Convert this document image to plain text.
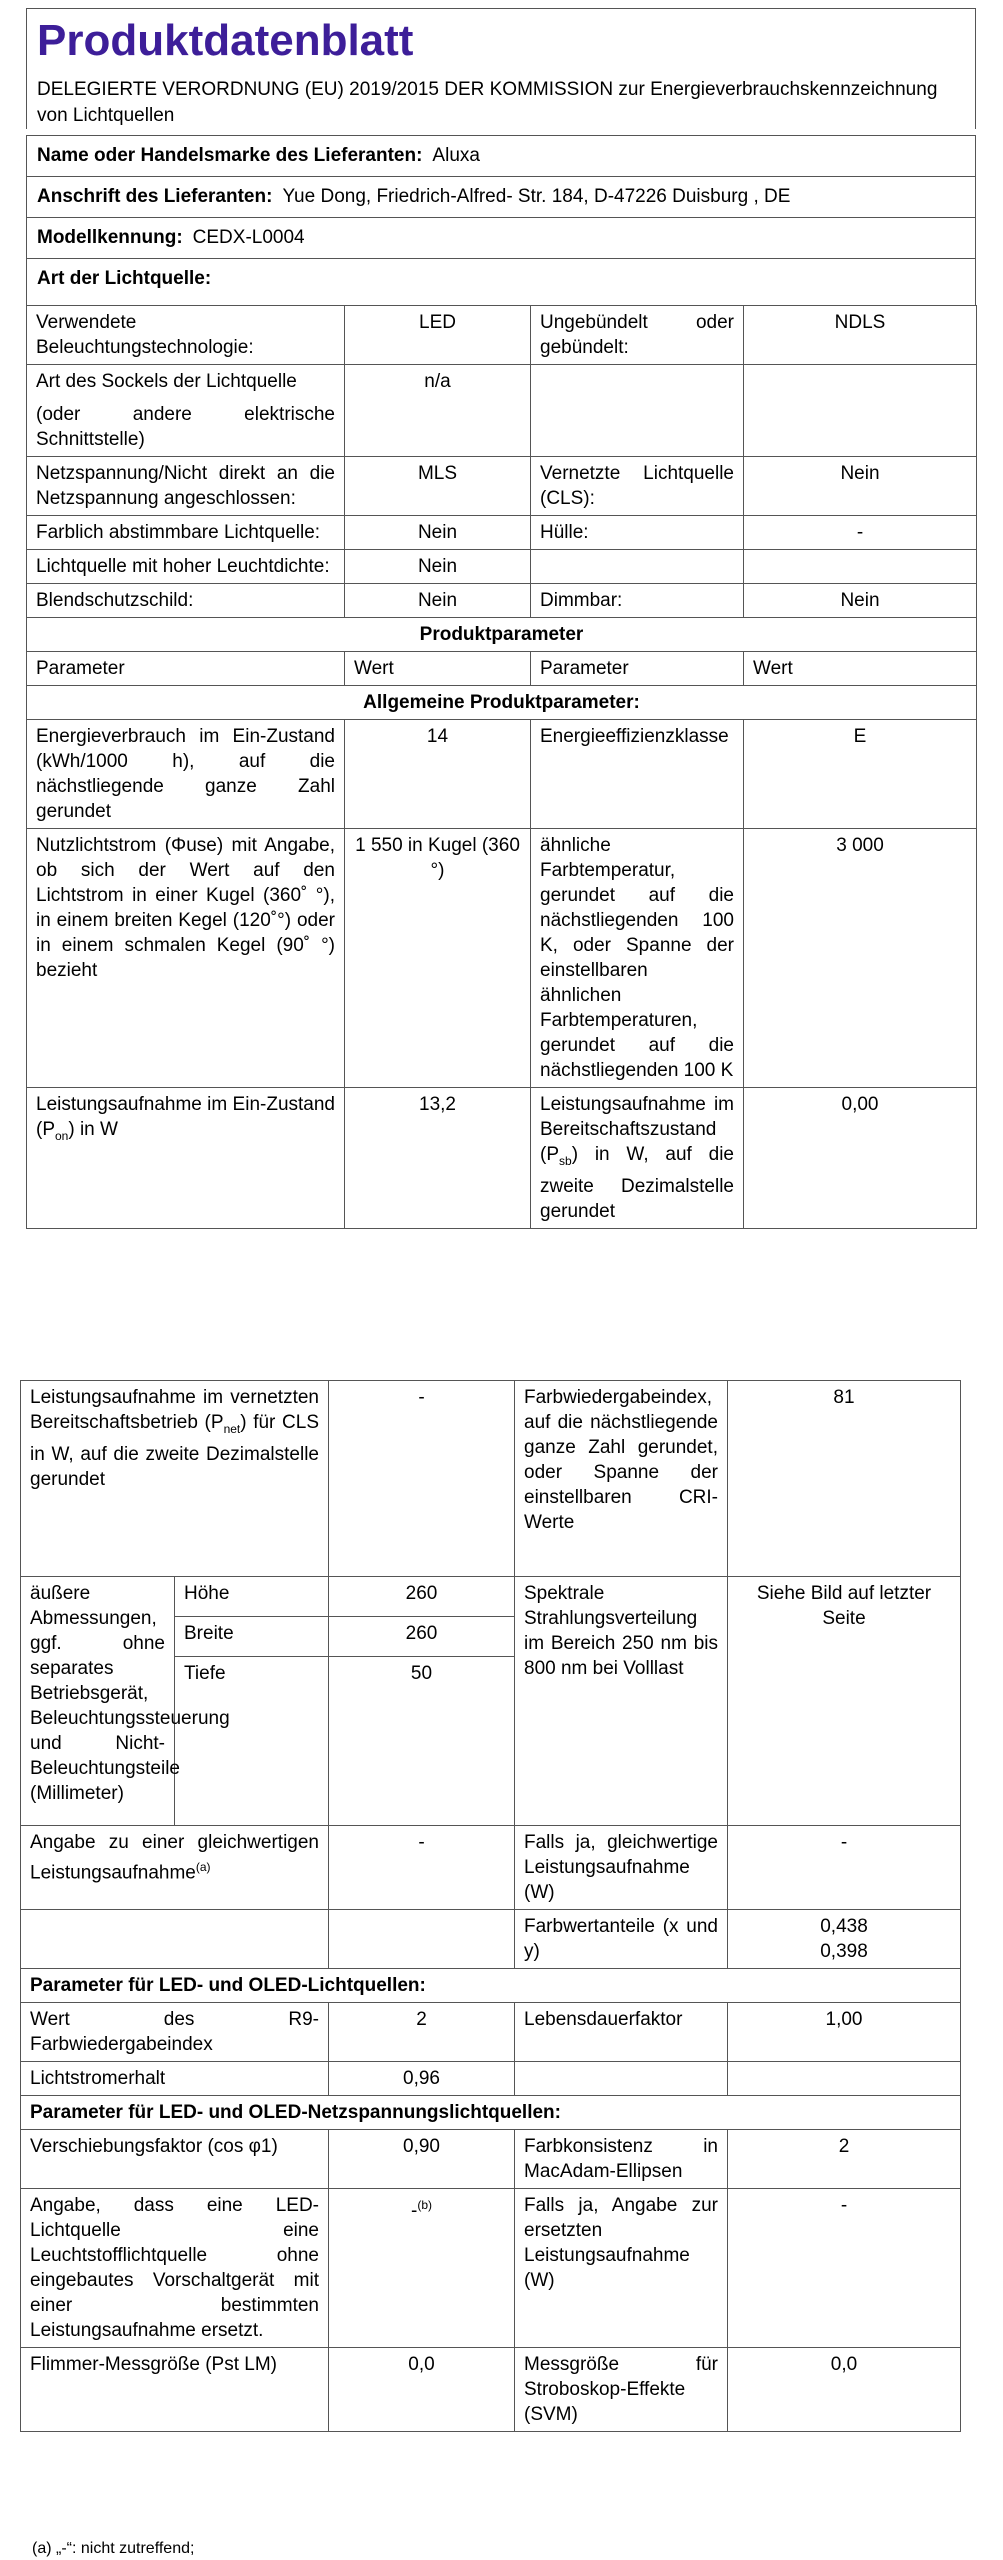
Produktdatenblatt
DELEGIERTE VERORDNUNG (EU) 2019/2015 DER KOMMISSION zur Energieverbrauchskennzeichnung von Lichtquellen
Name oder Handelsmarke des Lieferanten: Aluxa
Anschrift des Lieferanten: Yue Dong, Friedrich-Alfred- Str. 184, D-47226 Duisburg , DE
Modellkennung: CEDX-L0004
Art der Lichtquelle:
Verwendete Beleuchtungstechnologie:	LED	Ungebündelt oder gebündelt:	NDLS

Art des Sockels der Lichtquelle
(oder andere elektrische Schnittstelle)	n/a		
Netzspannung/Nicht direkt an die Netzspannung angeschlossen:	MLS	Vernetzte Lichtquelle (CLS):	Nein
Farblich abstimmbare Lichtquelle:	Nein	Hülle:	-
Lichtquelle mit hoher Leuchtdichte:	Nein		
Blendschutzschild:	Nein	Dimmbar:	Nein
Produktparameter			
Parameter	Wert	Parameter	Wert
Allgemeine Produktparameter:			
Energieverbrauch im Ein-Zustand (kWh/1000 h), auf die nächstliegende ganze Zahl gerundet	14	Energieeffizienzklasse	E
Nutzlichtstrom (Φuse) mit Angabe, ob sich der Wert auf den Lichtstrom in einer Kugel (360˚ °), in einem breiten Kegel (120˚°) oder in einem schmalen Kegel (90˚ °) bezieht	1 550 in Kugel (360 °)	ähnliche Farbtemperatur, gerundet auf die nächstliegenden 100 K, oder Spanne der einstellbaren ähnlichen Farbtemperaturen, gerundet auf die nächstliegenden 100 K	3 000
Leistungsaufnahme im Ein-Zustand $(P_{on})$ in W	13,2	Leistungsaufnahme im Bereitschaftszustand $(P_{sb})$ in W, auf die zweite Dezimalstelle gerundet	0,00
Leistungsaufnahme im vernetzten Bereitschaftsbetrieb $(P_{net})$ für CLS in W, auf die zweite Dezimalstelle gerundet		-	Farbwiedergabeindex, auf die nächstliegende ganze Zahl gerundet, oder Spanne der einstellbaren CRI-Werte	81
äußere Abmessungen, ggf. ohne separates Betriebsgerät, Beleuchtungssteuerung und Nicht-Beleuchtungsteile (Millimeter)	Höhe	260	Spektrale Strahlungsverteilung im Bereich 250 nm bis 800 nm bei Volllast	Siehe Bild auf letzter Seite
	Breite	260		
	Tiefe	50		
Angabe zu einer gleichwertigen Leistungsaufnahme$^{(a)}$		-	Falls ja, gleichwertige Leistungsaufnahme (W)	-
			Farbwertanteile (x und y)	0,438
0,398

Parameter für LED- und OLED-Lichtquellen:				
Wert des R9-Farbwiedergabeindex		2	Lebensdauerfaktor	1,00
Lichtstromerhalt		0,96		
Parameter für LED- und OLED-Netzspannungslichtquellen:				
Verschiebungsfaktor (cos φ1)		0,90	Farbkonsistenz in MacAdam-Ellipsen	2
Angabe, dass eine LED-Lichtquelle eine Leuchtstofflichtquelle ohne eingebautes Vorschaltgerät mit einer bestimmten Leistungsaufnahme ersetzt.		-$^{(b)}$	Falls ja, Angabe zur ersetzten Leistungsaufnahme (W)	-
Flimmer-Messgröße (Pst LM)		0,0	Messgröße für Stroboskop-Effekte (SVM)	0,0
(a) „-“: nicht zutreffend;
